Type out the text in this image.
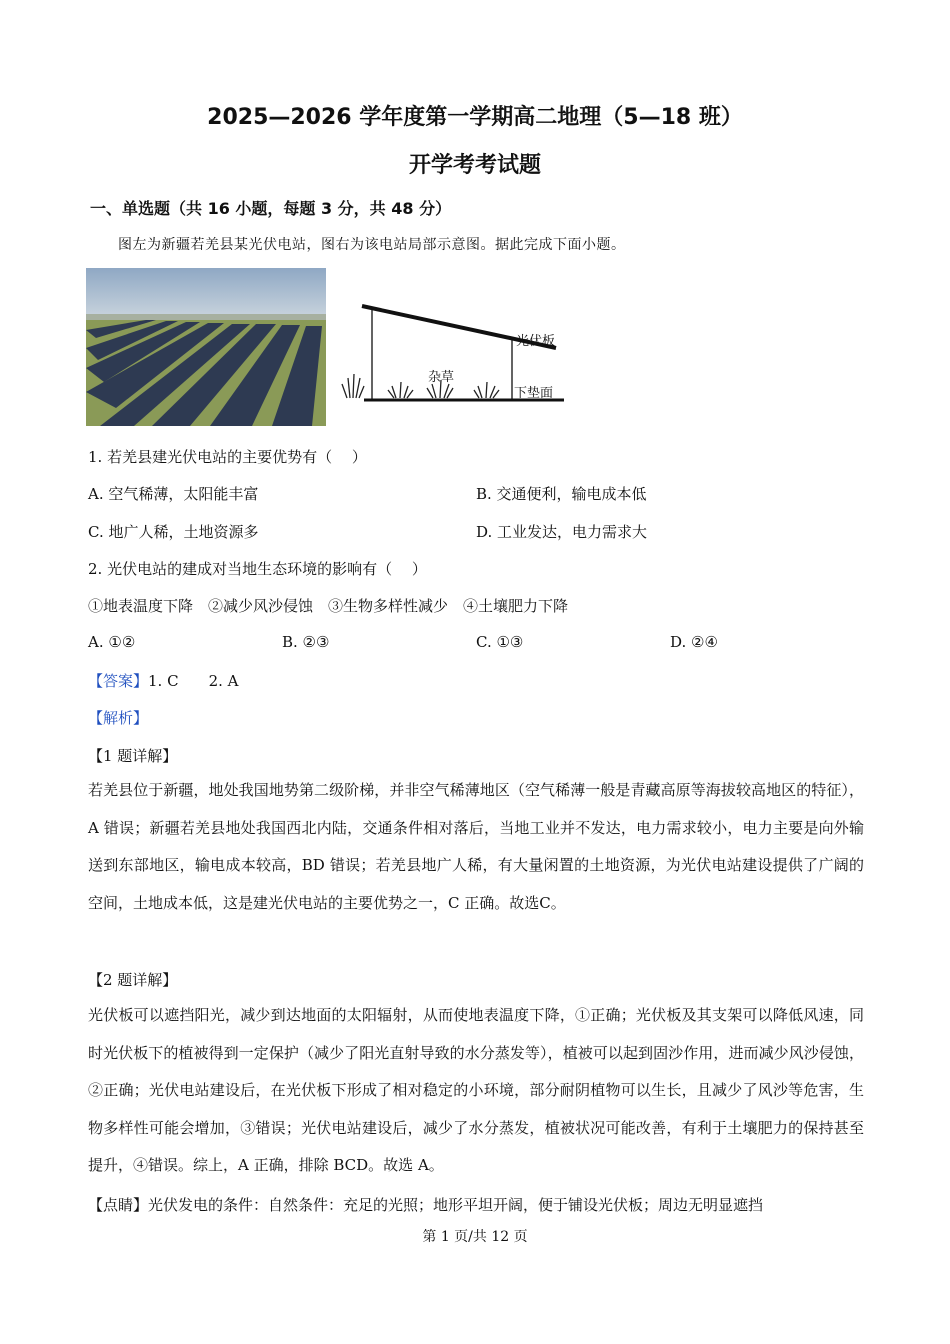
2025—2026 学年度第一学期高二地理（5—18 班）
开学考考试题
一、单选题（共 16 小题，每题 3 分，共 48 分）
图左为新疆若羌县某光伏电站，图右为该电站局部示意图。据此完成下面小题。
光伏板
杂草
下垫面
1. 若羌县建光伏电站的主要优势有（　 ）
A. 空气稀薄，太阳能丰富	B. 交通便利，输电成本低
C. 地广人稀，土地资源多	D. 工业发达，电力需求大
2. 光伏电站的建成对当地生态环境的影响有（　 ）
①地表温度下降　②减少风沙侵蚀　③生物多样性减少　④土壤肥力下降
A. ①②	B. ②③	C. ①③	D. ②④
【答案】1. C　　2. A
【解析】
【1 题详解】
若羌县位于新疆，地处我国地势第二级阶梯，并非空气稀薄地区（空气稀薄一般是青藏高原等海拔较高地区的特征），A 错误；新疆若羌县地处我国西北内陆，交通条件相对落后，当地工业并不发达，电力需求较小，电力主要是向外输送到东部地区，输电成本较高，BD 错误；若羌县地广人稀，有大量闲置的土地资源，为光伏电站建设提供了广阔的空间，土地成本低，这是建光伏电站的主要优势之一，C 正确。故选C。
【2 题详解】
光伏板可以遮挡阳光，减少到达地面的太阳辐射，从而使地表温度下降，①正确；光伏板及其支架可以降低风速，同时光伏板下的植被得到一定保护（减少了阳光直射导致的水分蒸发等），植被可以起到固沙作用，进而减少风沙侵蚀，②正确；光伏电站建设后，在光伏板下形成了相对稳定的小环境，部分耐阴植物可以生长，且减少了风沙等危害，生物多样性可能会增加，③错误；光伏电站建设后，减少了水分蒸发，植被状况可能改善，有利于土壤肥力的保持甚至提升，④错误。综上，A 正确，排除 BCD。故选 A。
【点睛】光伏发电的条件：自然条件：充足的光照；地形平坦开阔，便于铺设光伏板；周边无明显遮挡
第 1 页/共 12 页
